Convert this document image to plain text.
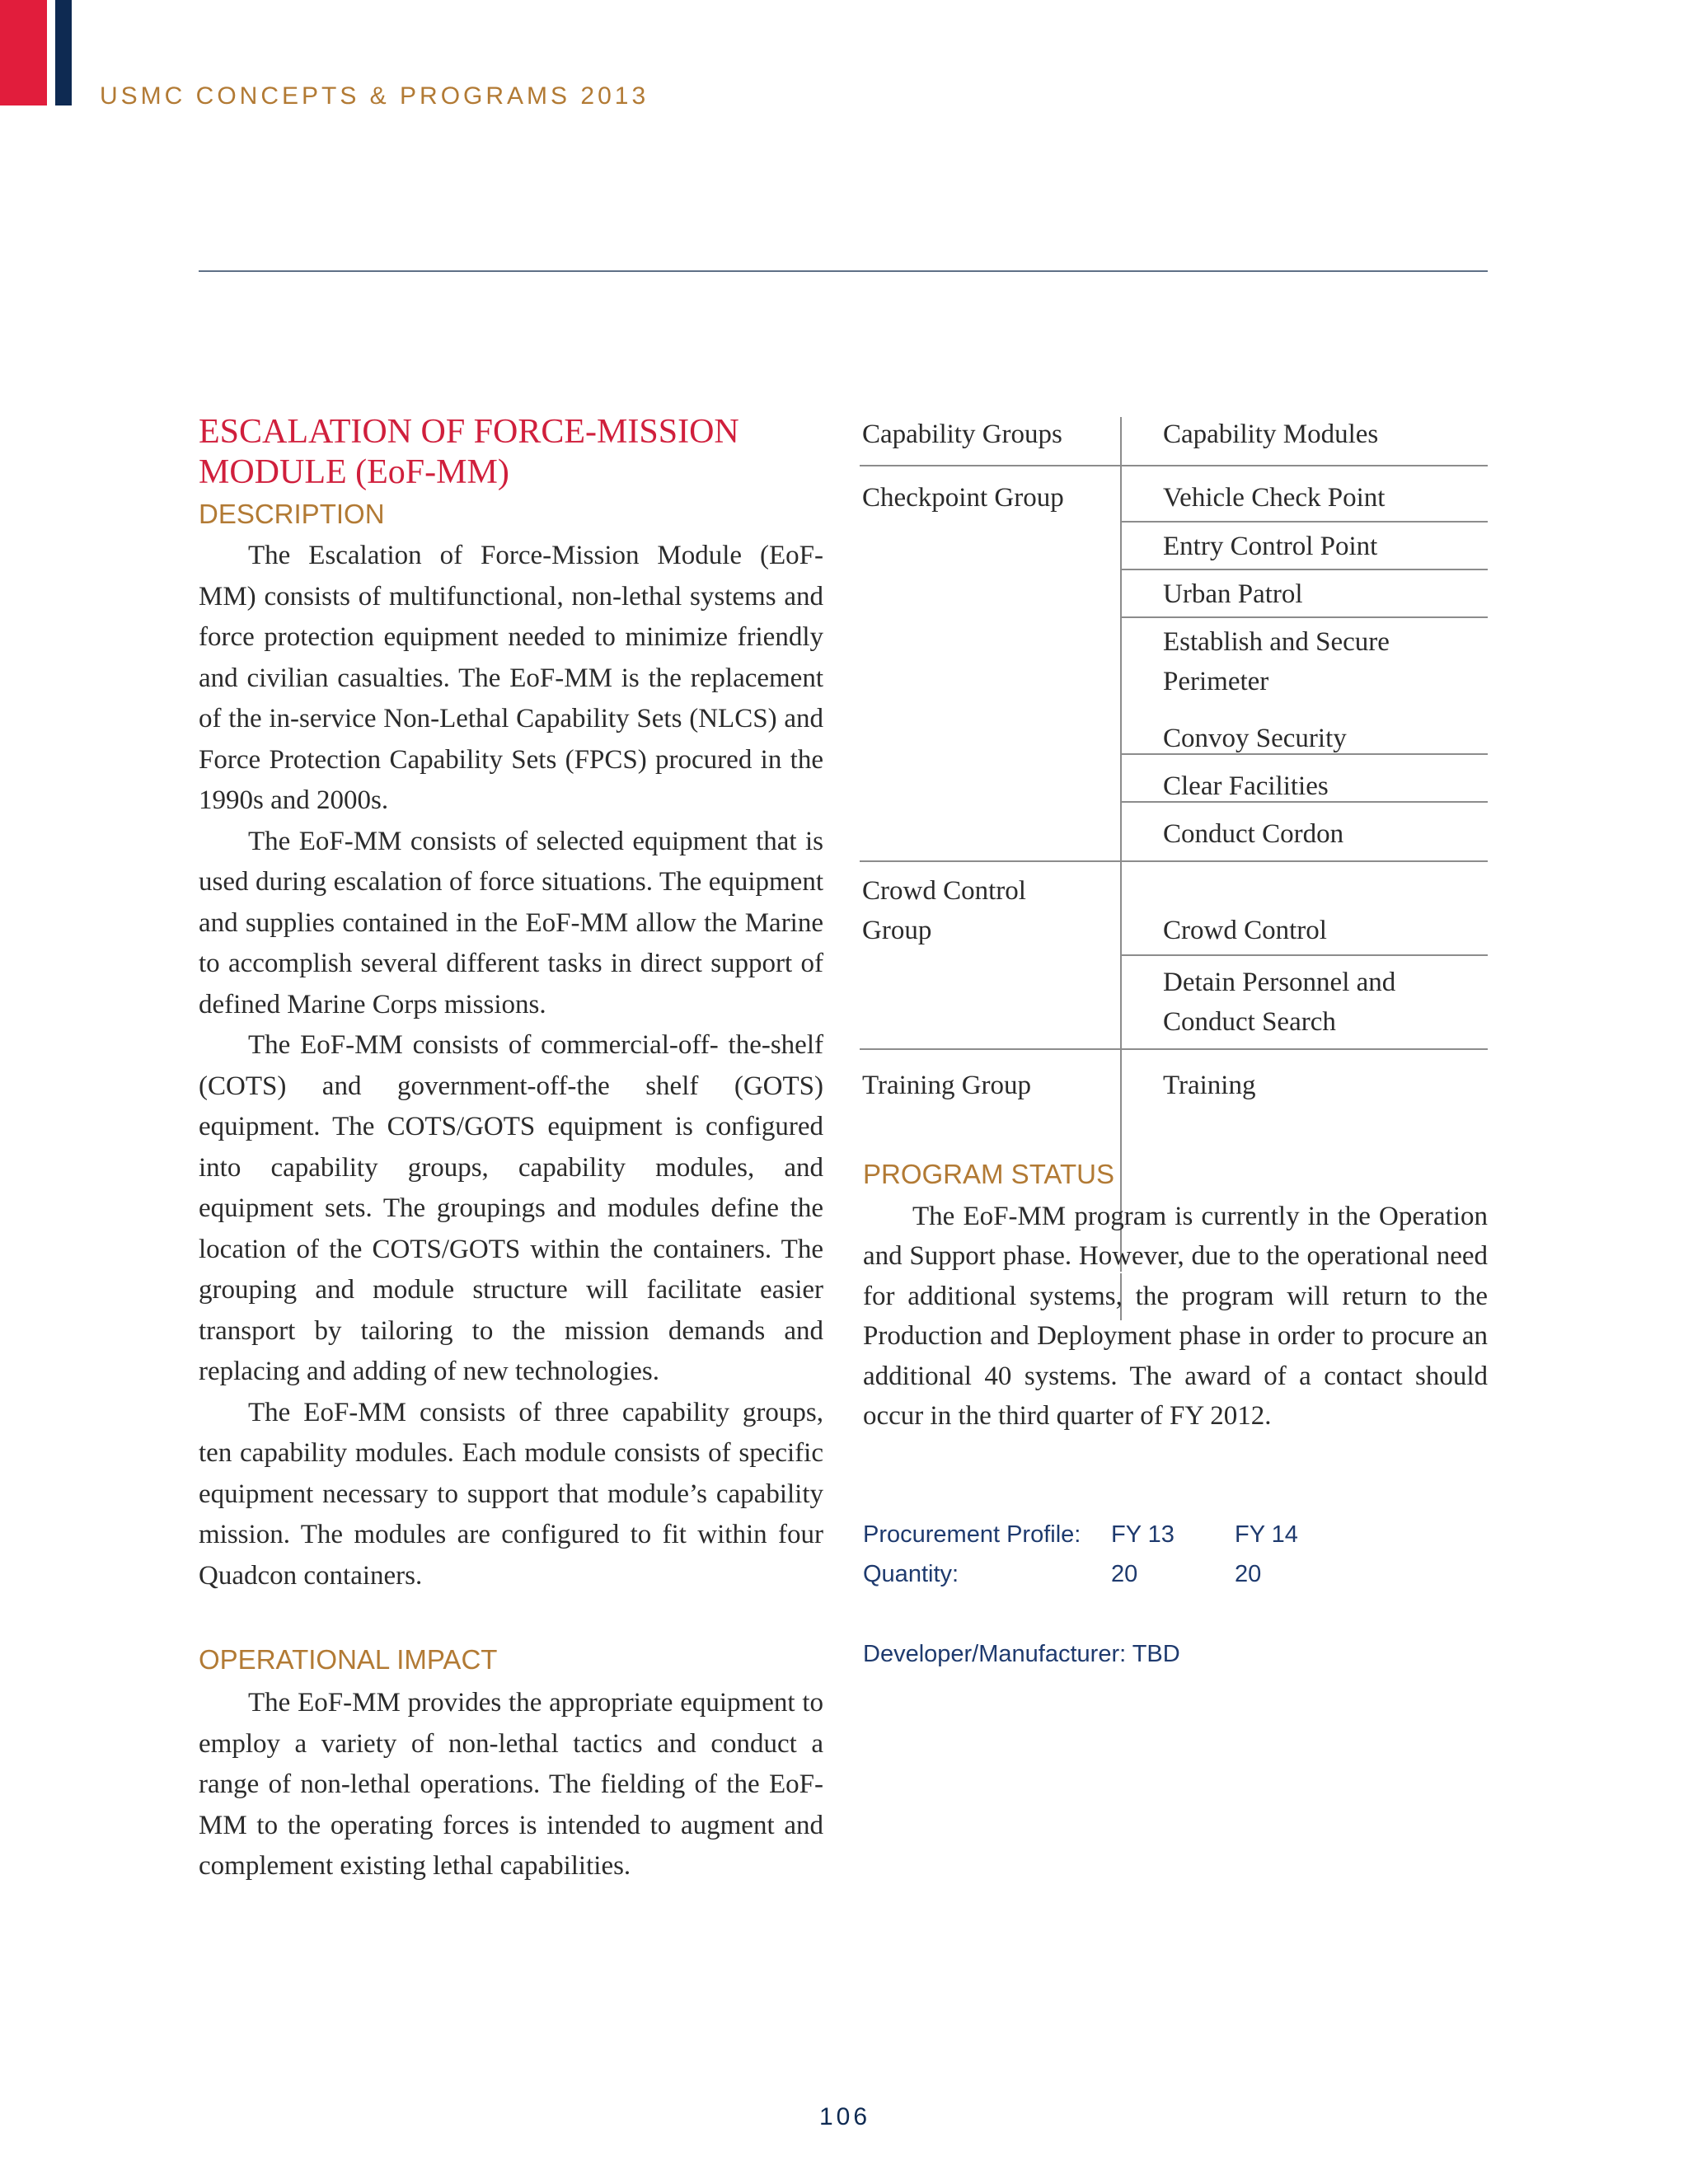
USMC CONCEPTS & PROGRAMS 2013
ESCALATION OF FORCE-MISSION
MODULE (EoF-MM)
DESCRIPTION

The Escalation of Force-Mission Module (EoF-MM) consists of multifunctional, non-lethal systems and force protection equipment needed to minimize friendly and civilian casualties. The EoF-MM is the replacement of the in-service Non-Lethal Capability Sets (NLCS) and Force Protection Capability Sets (FPCS) procured in the 1990s and 2000s.

The EoF-MM consists of selected equipment that is used during escalation of force situations. The equipment and supplies contained in the EoF-MM allow the Marine to accomplish several different tasks in direct support of defined Marine Corps missions.

The EoF-MM consists of commercial-off- the-shelf (COTS) and government-off-the shelf (GOTS) equipment. The COTS/GOTS equipment is configured into capability groups, capability modules, and equipment sets. The groupings and modules define the location of the COTS/GOTS within the containers. The grouping and module structure will facilitate easier transport by tailoring to the mission demands and replacing and adding of new technologies.

The EoF-MM consists of three capability groups, ten capability modules. Each module consists of specific equipment necessary to support that module’s capability mission. The modules are configured to fit within four Quadcon containers.

OPERATIONAL IMPACT

The EoF-MM provides the appropriate equipment to employ a variety of non-lethal tactics and conduct a range of non-lethal operations. The fielding of the EoF-MM to the operating forces is intended to augment and complement existing lethal capabilities.

Capability Groups	Capability Modules
Checkpoint Group	Vehicle Check Point
Entry Control Point
Urban Patrol
Establish and Secure Perimeter
Convoy Security
Clear Facilities
Conduct Cordon
Crowd Control Group	Crowd Control
Detain Personnel and Conduct Search
Training Group	Training
PROGRAM STATUS

The EoF-MM program is currently in the Operation and Support phase. However, due to the operational need for additional systems, the program will return to the Production and Deployment phase in order to procure an additional 40 systems. The award of a contact should occur in the third quarter of FY 2012.

Procurement Profile: FY 13	FY 14
Quantity:	20	20
Developer/Manufacturer: TBD
106
